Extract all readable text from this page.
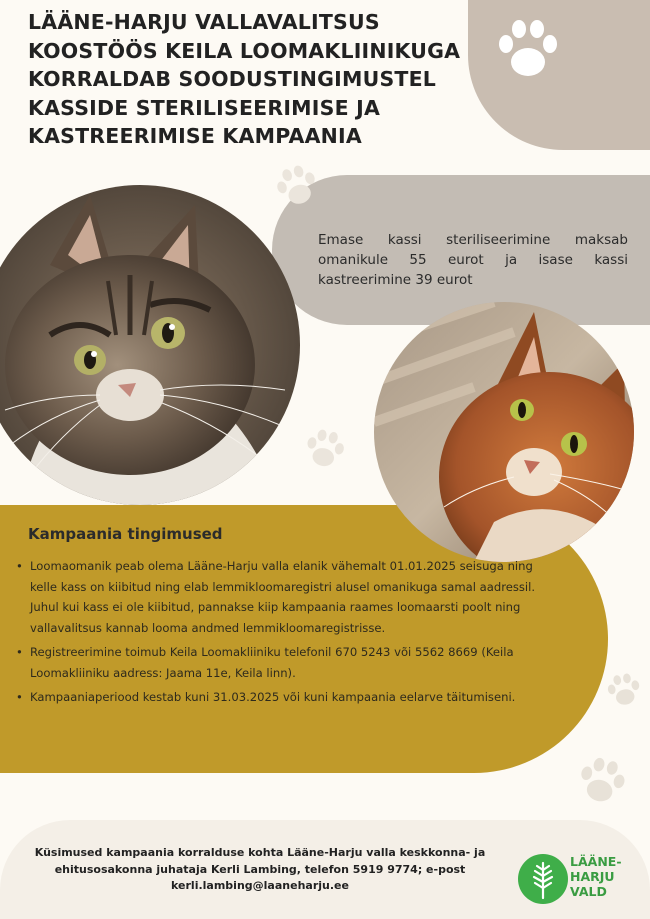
LÄÄNE-HARJU VALLAVALITSUS
KOOSTÖÖS KEILA LOOMAKLIINIKUGA
KORRALDAB SOODUSTINGIMUSTEL
KASSIDE STERILISEERIMISE JA
KASTREERIMISE KAMPAANIA

Emase kassi steriliseerimine maksab omanikule 55 eurot ja isase kassi kastreerimine 39 eurot

Kampaania tingimused
• Loomaomanik peab olema Lääne-Harju valla elanik vähemalt 01.01.2025 seisuga ning kelle kass on kiibitud ning elab lemmikloomaregistri alusel omanikuga samal aadressil. Juhul kui kass ei ole kiibitud, pannakse kiip kampaania raames loomaarsti poolt ning vallavalitsus kannab looma andmed lemmikloomaregistrisse.
• Registreerimine toimub Keila Loomakliiniku telefonil 670 5243 või 5562 8669 (Keila Loomakliiniku aadress: Jaama 11e, Keila linn).
• Kampaaniaperiood kestab kuni 31.03.2025 või kuni kampaania eelarve täitumiseni.

Küsimused kampaania korralduse kohta Lääne-Harju valla keskkonna- ja ehitusosakonna juhataja Kerli Lambing, telefon 5919 9774; e-post kerli.lambing@laaneharju.ee

LÄÄNE-
HARJU
VALD
